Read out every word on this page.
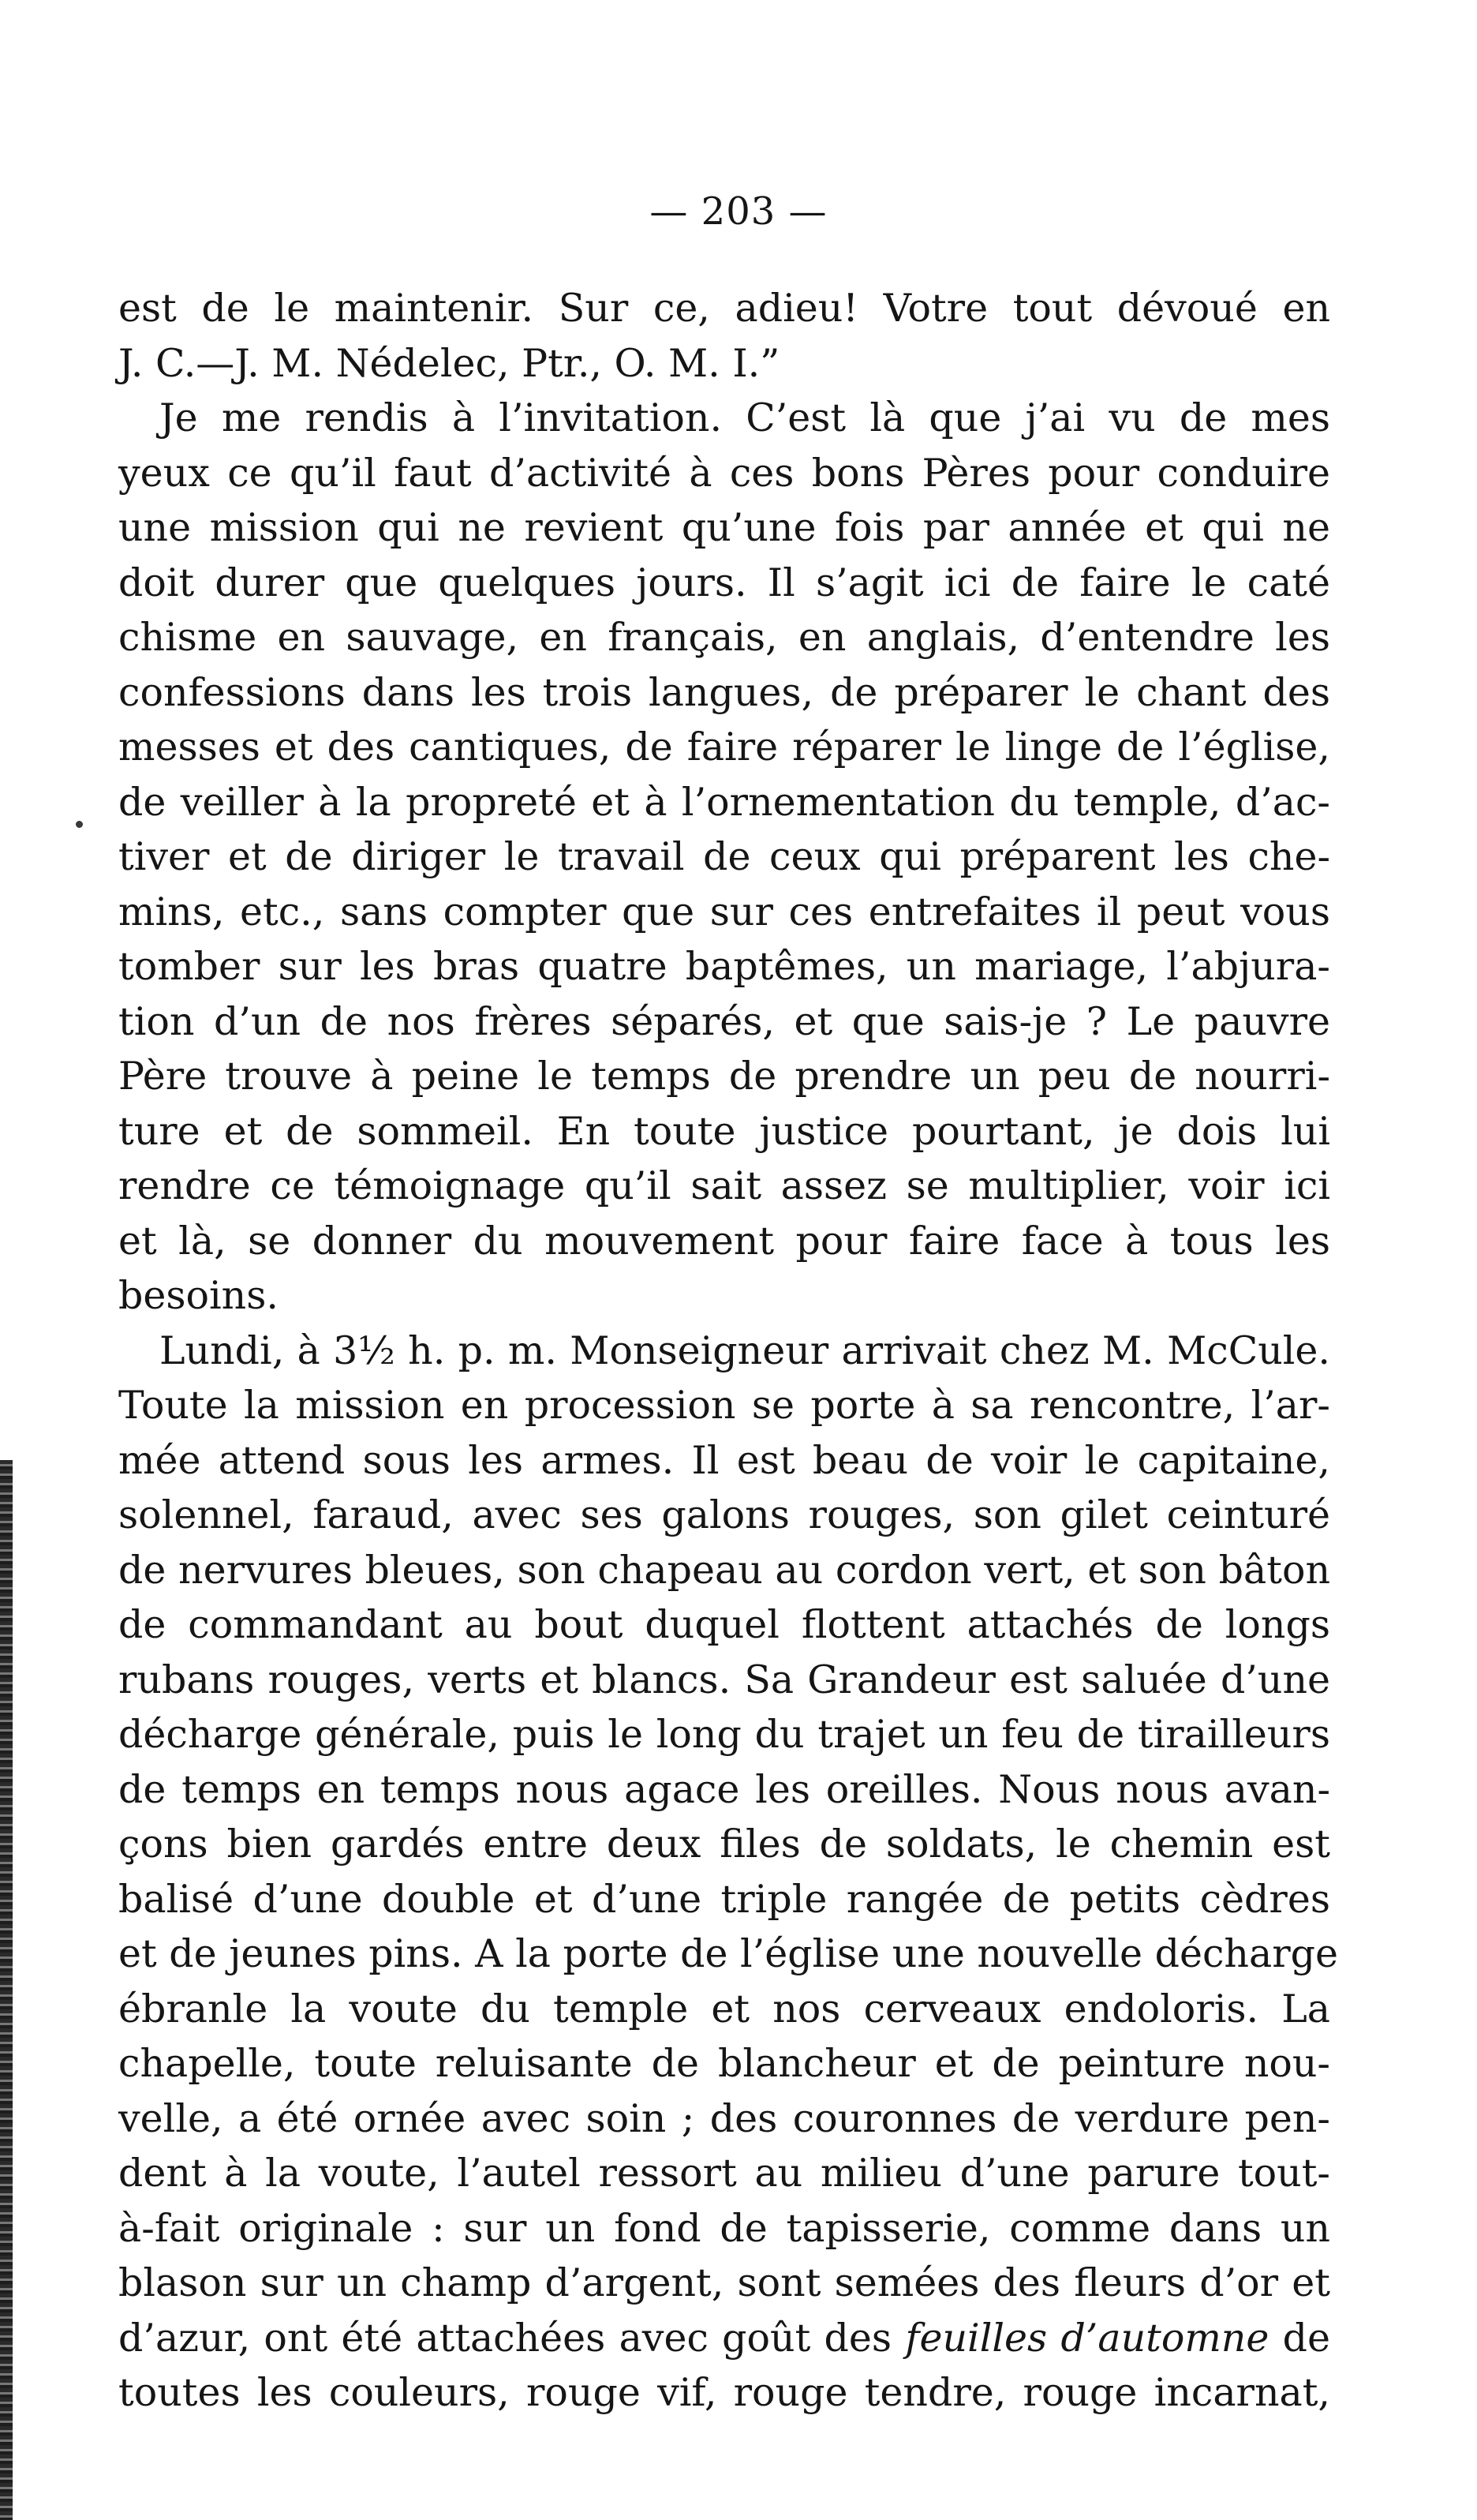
— 203 —

est de le maintenir. Sur ce, adieu! Votre tout dévoué en

J. C.—J. M. Nédelec, Ptr., O. M. I.”

Je me rendis à l’invitation. C’est là que j’ai vu de mes

yeux ce qu’il faut d’activité à ces bons Pères pour conduire

une mission qui ne revient qu’une fois par année et qui ne

doit durer que quelques jours. Il s’agit ici de faire le caté

chisme en sauvage, en français, en anglais, d’entendre les

confessions dans les trois langues, de préparer le chant des

messes et des cantiques, de faire réparer le linge de l’église,

de veiller à la propreté et à l’ornementation du temple, d’ac-

tiver et de diriger le travail de ceux qui préparent les che-

mins, etc., sans compter que sur ces entrefaites il peut vous

tomber sur les bras quatre baptêmes, un mariage, l’abjura-

tion d’un de nos frères séparés, et que sais-je ? Le pauvre

Père trouve à peine le temps de prendre un peu de nourri-

ture et de sommeil. En toute justice pourtant, je dois lui

rendre ce témoignage qu’il sait assez se multiplier, voir ici

et là, se donner du mouvement pour faire face à tous les

besoins.

Lundi, à 3½ h. p. m. Monseigneur arrivait chez M. McCule.

Toute la mission en procession se porte à sa rencontre, l’ar-

mée attend sous les armes. Il est beau de voir le capitaine,

solennel, faraud, avec ses galons rouges, son gilet ceinturé

de nervures bleues, son chapeau au cordon vert, et son bâton

de commandant au bout duquel flottent attachés de longs

rubans rouges, verts et blancs. Sa Grandeur est saluée d’une

décharge générale, puis le long du trajet un feu de tirailleurs

de temps en temps nous agace les oreilles. Nous nous avan-

çons bien gardés entre deux files de soldats, le chemin est

balisé d’une double et d’une triple rangée de petits cèdres

et de jeunes pins. A la porte de l’église une nouvelle décharge

ébranle la voute du temple et nos cerveaux endoloris. La

chapelle, toute reluisante de blancheur et de peinture nou-

velle, a été ornée avec soin ; des couronnes de verdure pen-

dent à la voute, l’autel ressort au milieu d’une parure tout-

à-fait originale : sur un fond de tapisserie, comme dans un

blason sur un champ d’argent, sont semées des fleurs d’or et

d’azur, ont été attachées avec goût des feuilles d’automne de

toutes les couleurs, rouge vif, rouge tendre, rouge incarnat,
